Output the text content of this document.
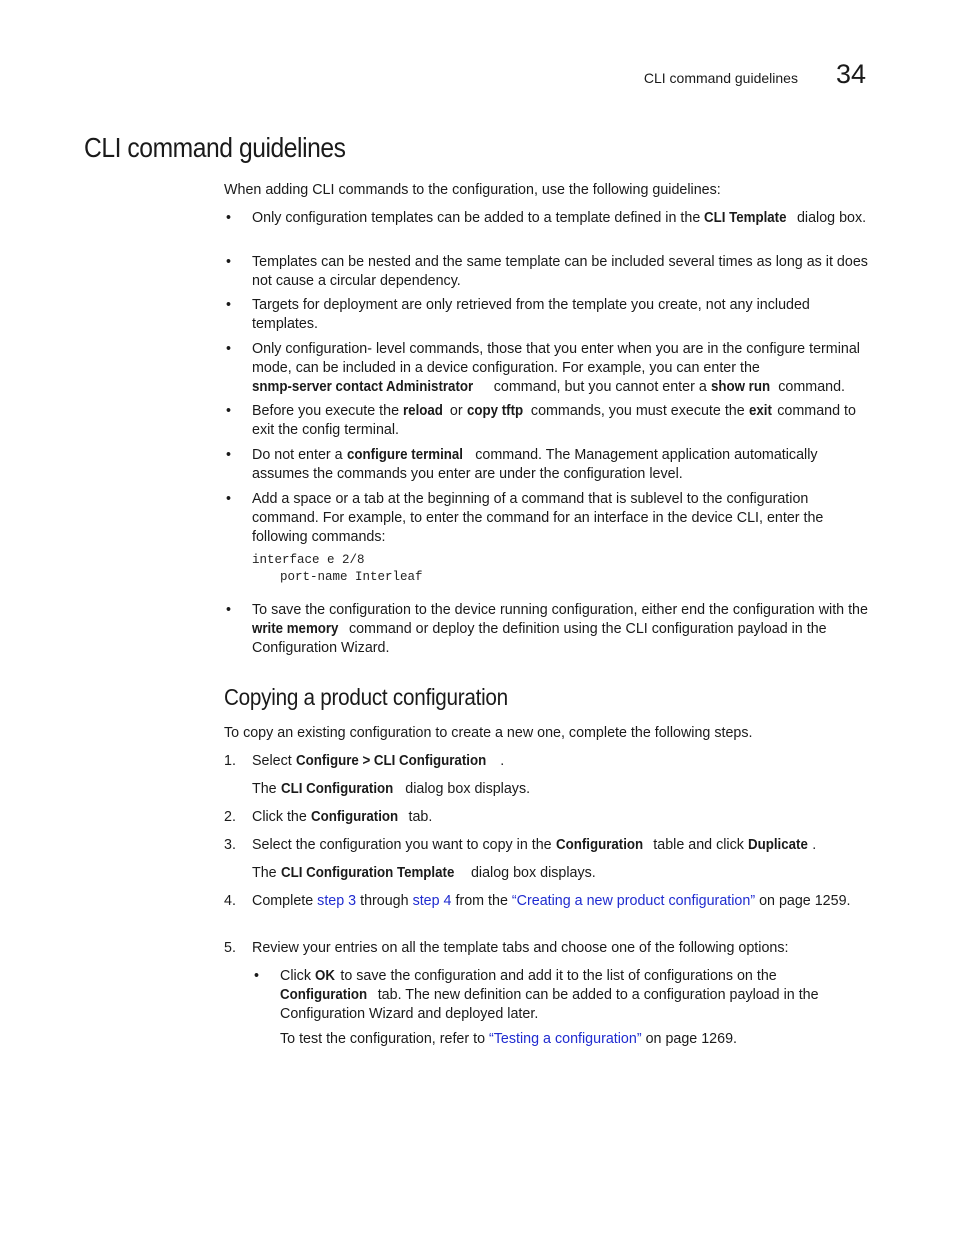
CLI command guidelines 34
CLI command guidelines
When adding CLI commands to the configuration, use the following guidelines:

• Only configuration templates can be added to a template defined in the CLI Template dialog box.

• Templates can be nested and the same template can be included several times as long as it does not cause a circular dependency.

• Targets for deployment are only retrieved from the template you create, not any included templates.

• Only configuration- level commands, those that you enter when you are in the configure terminal mode, can be included in a device configuration. For example, you can enter the snmp-server contact Administrator command, but you cannot enter a show run command.

• Before you execute the reload or copy tftp commands, you must execute the exit command to exit the config terminal.

• Do not enter a configure terminal command. The Management application automatically assumes the commands you enter are under the configuration level.

• Add a space or a tab at the beginning of a command that is sublevel to the configuration command. For example, to enter the command for an interface in the device CLI, enter the following commands:

interface e 2/8
port-name Interleaf

• To save the configuration to the device running configuration, either end the configuration with the write memory command or deploy the definition using the CLI configuration payload in the Configuration Wizard.

Copying a product configuration
To copy an existing configuration to create a new one, complete the following steps.

1. Select Configure > CLI Configuration .

The CLI Configuration dialog box displays.

2. Click the Configuration tab.

3. Select the configuration you want to copy in the Configuration table and click Duplicate .

The CLI Configuration Template dialog box displays.

4. Complete step 3 through step 4 from the “Creating a new product configuration” on page 1259.

5. Review your entries on all the template tabs and choose one of the following options:

• Click OK to save the configuration and add it to the list of configurations on the Configuration tab. The new definition can be added to a configuration payload in the Configuration Wizard and deployed later.

To test the configuration, refer to “Testing a configuration” on page 1269.
